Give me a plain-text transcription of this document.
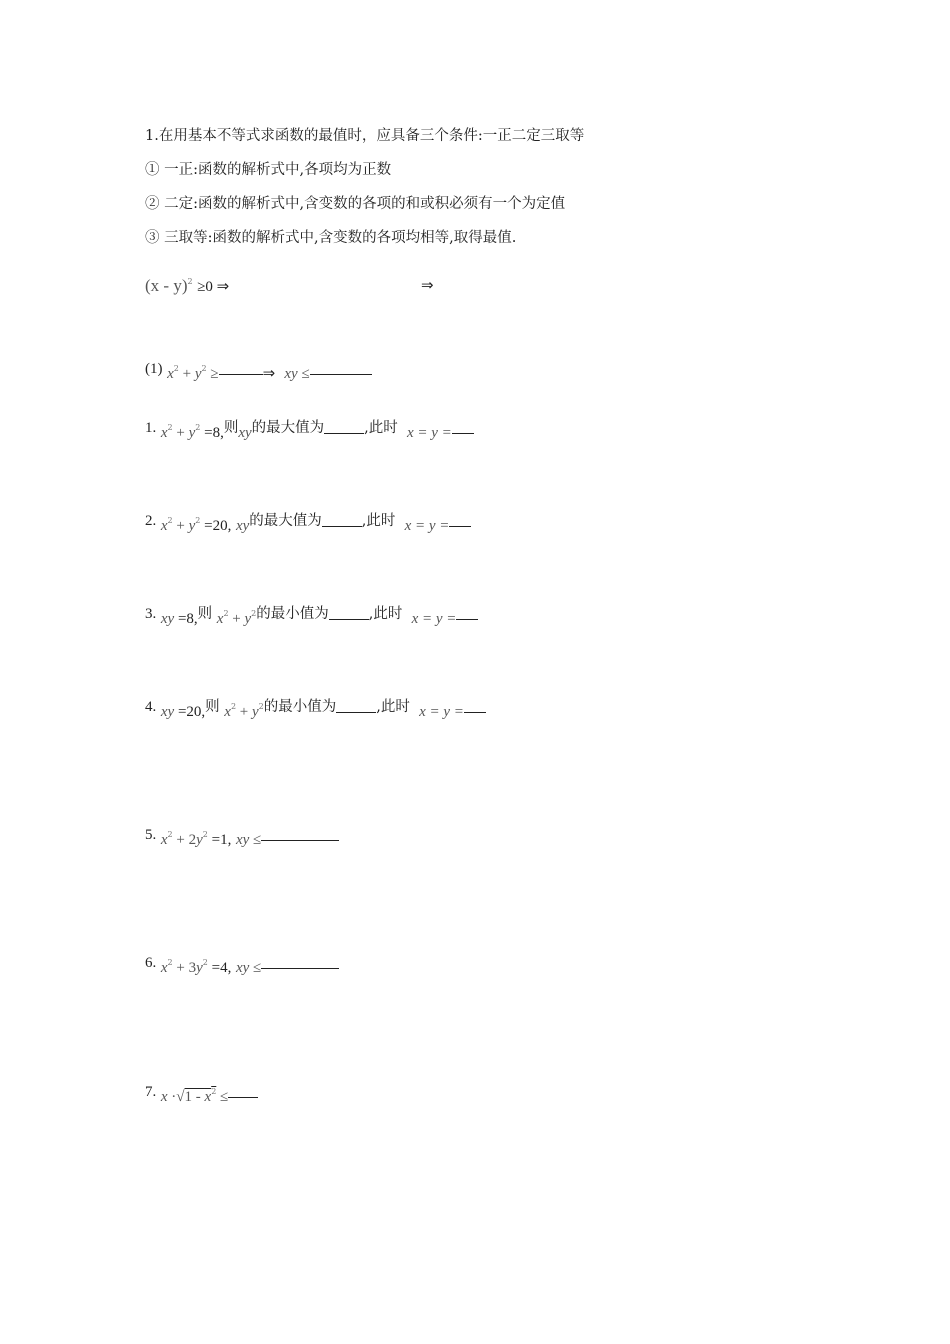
1.在用基本不等式求函数的最值时，应具备三个条件:一正二定三取等
① 一正:函数的解析式中,各项均为正数
② 二定:函数的解析式中,含变数的各项的和或积必须有一个为定值
③ 三取等:函数的解析式中,含变数的各项均相等,取得最值.
(x - y)$^2$ ≥0 ⇒	⇒
(1) $x^2 + y^2$ ≥	⇒ xy ≤
1. $x^2 + y^2 =8$,则xy的最大值为	,此时 x = y =
2. $x^2 + y^2 =20$, xy的最大值为	,此时 x = y =
3. xy =8,则 $x^2 + y^2$的最小值为	,此时 x = y =
4. xy =20,则 $x^2 + y^2$的最小值为	,此时 x = y =
5. $x^2 + 2y^2 =1$, xy ≤
6. $x^2 + 3y^2 =4$, xy ≤
7. $x \cdot√1 - x^2$ ≤
